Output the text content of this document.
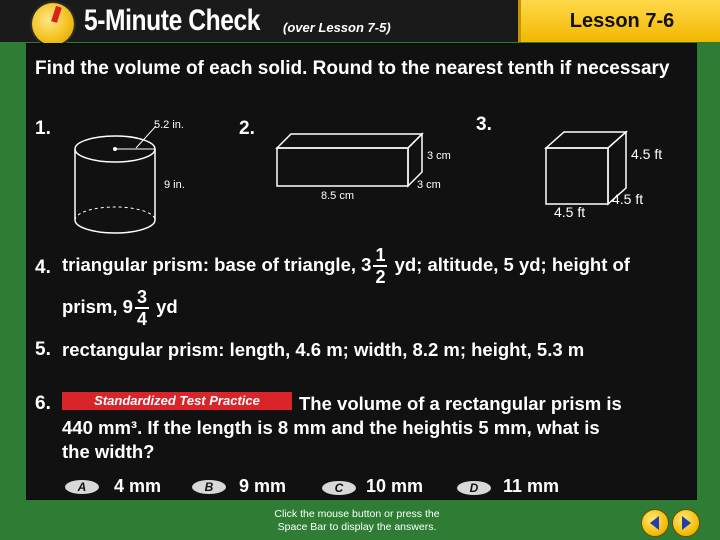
5-Minute Check (over Lesson 7-5)	Lesson 7-6
Find the volume of each solid. Round to the nearest tenth if necessary
1.	5.2 in.
9 in.
2.
3 cm
3 cm
8.5 cm
3.
4.5 ft
4.5 ft
4.5 ft
4. triangular prism: base of triangle, $3 \frac{1}{2}$ yd; altitude, 5 yd; height of
prism, $9 \frac{3}{4}$ yd
5. rectangular prism: length, 4.6 m; width, 8.2 m; height, 5.3 m
6.	Standardized Test Practice	The volume of a rectangular prism is
440 mm³. If the length is 8 mm and the heightis 5 mm, what is
the width?
A	4 mm	B	9 mm	C	10 mm	D	11 mm
Click the mouse button or press the
Space Bar to display the answers.
